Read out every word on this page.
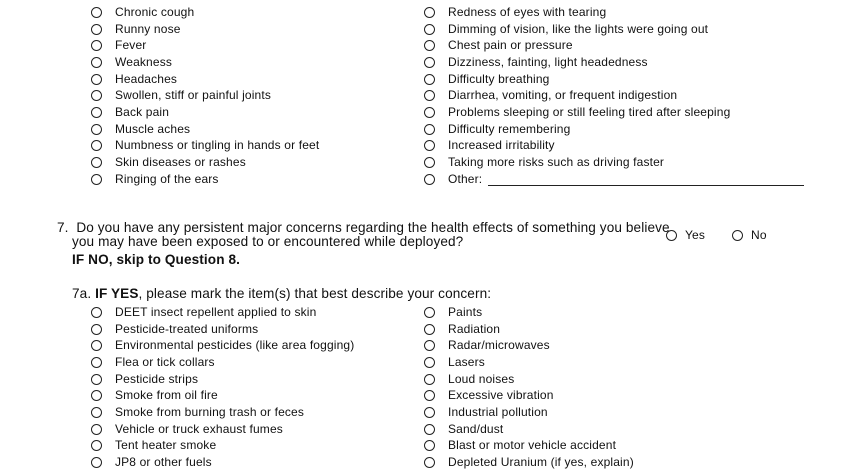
Chronic cough
Runny nose
Fever
Weakness
Headaches
Swollen, stiff or painful joints
Back pain
Muscle aches
Numbness or tingling in hands or feet
Skin diseases or rashes
Ringing of the ears
Redness of eyes with tearing
Dimming of vision, like the lights were going out
Chest pain or pressure
Dizziness, fainting, light headedness
Difficulty breathing
Diarrhea, vomiting, or frequent indigestion
Problems sleeping or still feeling tired after sleeping
Difficulty remembering
Increased irritability
Taking more risks such as driving faster
Other:
7. Do you have any persistent major concerns regarding the health effects of something you believe
you may have been exposed to or encountered while deployed?
IF NO, skip to Question 8.
Yes	No
7a. IF YES, please mark the item(s) that best describe your concern:
DEET insect repellent applied to skin
Pesticide-treated uniforms
Environmental pesticides (like area fogging)
Flea or tick collars
Pesticide strips
Smoke from oil fire
Smoke from burning trash or feces
Vehicle or truck exhaust fumes
Tent heater smoke
JP8 or other fuels
Paints
Radiation
Radar/microwaves
Lasers
Loud noises
Excessive vibration
Industrial pollution
Sand/dust
Blast or motor vehicle accident
Depleted Uranium (if yes, explain)
